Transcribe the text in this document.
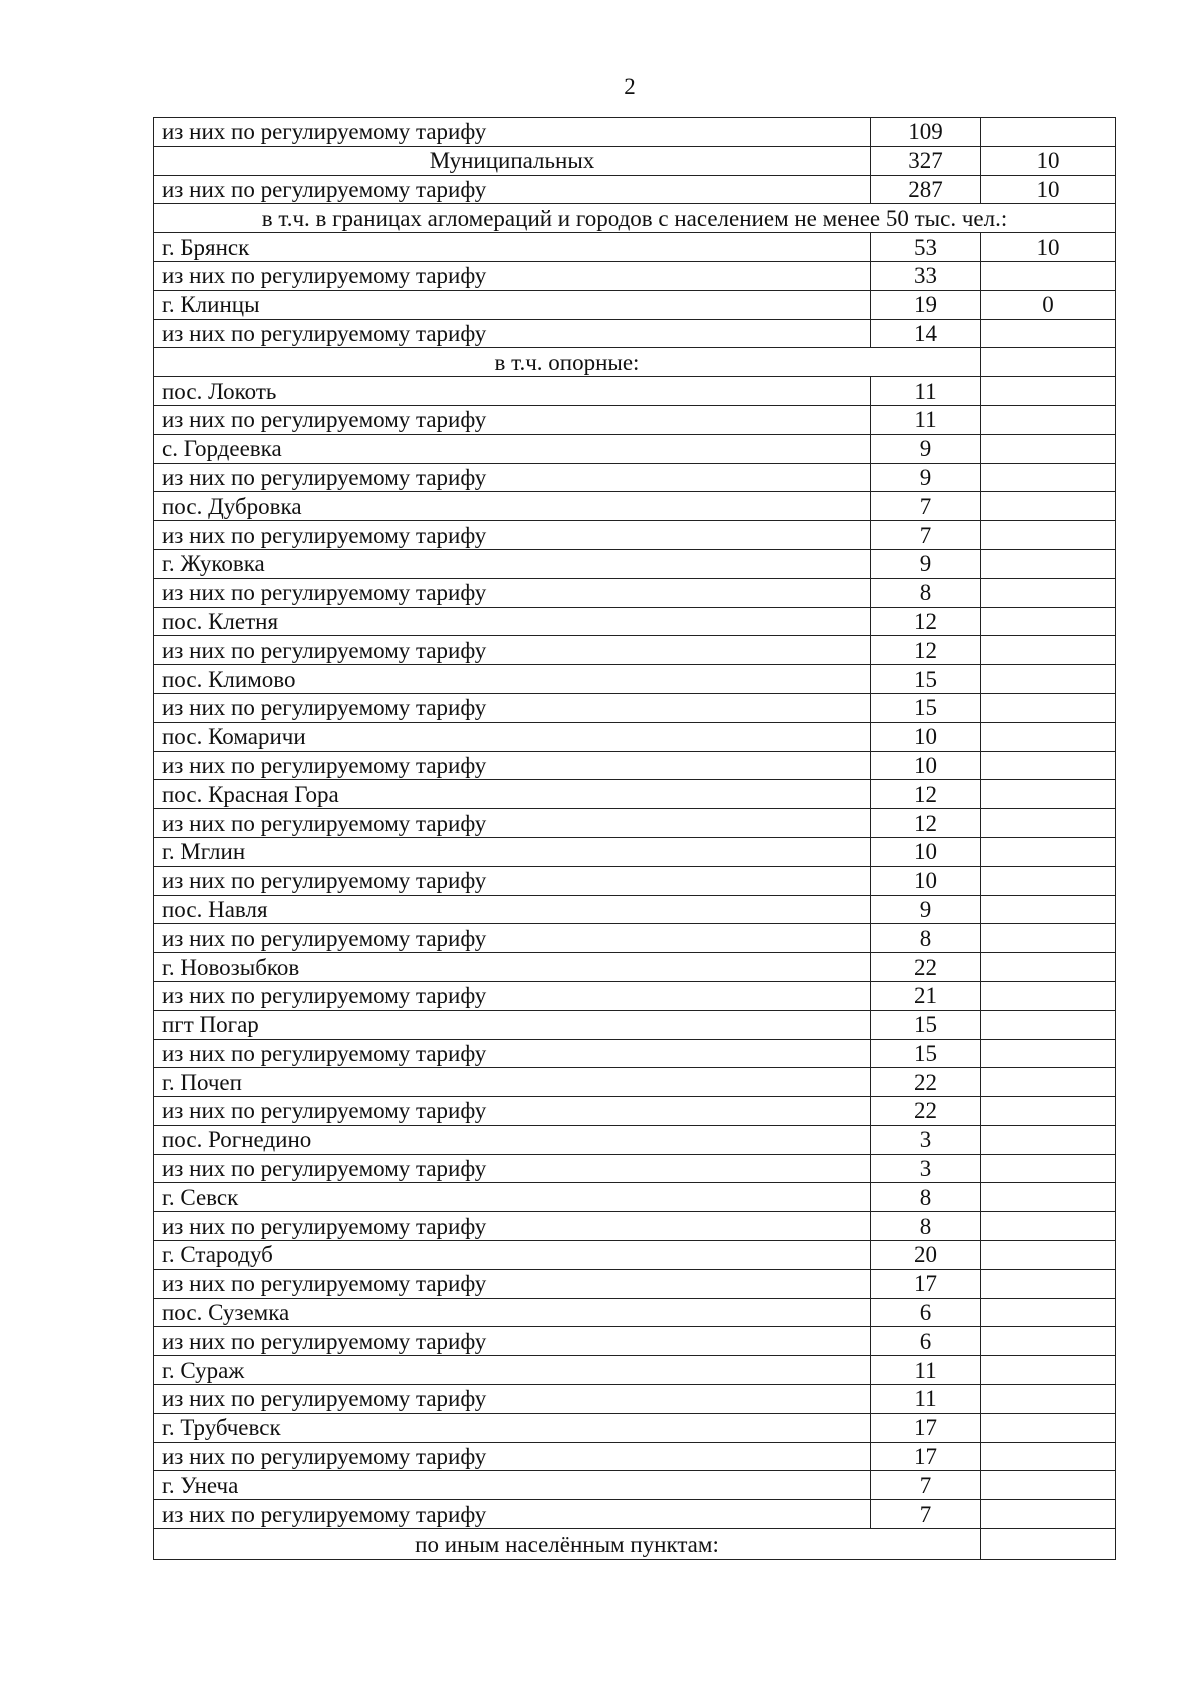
2
из них по регулируемому тарифу	109	
Муниципальных	327	10
из них по регулируемому тарифу	287	10
в т.ч. в границах агломераций и городов с населением не менее 50 тыс. чел.:		
г. Брянск	53	10
из них по регулируемому тарифу	33	
г. Клинцы	19	0
из них по регулируемому тарифу	14	
в т.ч. опорные:		
пос. Локоть	11	
из них по регулируемому тарифу	11	
с. Гордеевка	9	
из них по регулируемому тарифу	9	
пос. Дубровка	7	
из них по регулируемому тарифу	7	
г. Жуковка	9	
из них по регулируемому тарифу	8	
пос. Клетня	12	
из них по регулируемому тарифу	12	
пос. Климово	15	
из них по регулируемому тарифу	15	
пос. Комаричи	10	
из них по регулируемому тарифу	10	
пос. Красная Гора	12	
из них по регулируемому тарифу	12	
г. Мглин	10	
из них по регулируемому тарифу	10	
пос. Навля	9	
из них по регулируемому тарифу	8	
г. Новозыбков	22	
из них по регулируемому тарифу	21	
пгт Погар	15	
из них по регулируемому тарифу	15	
г. Почеп	22	
из них по регулируемому тарифу	22	
пос. Рогнедино	3	
из них по регулируемому тарифу	3	
г. Севск	8	
из них по регулируемому тарифу	8	
г. Стародуб	20	
из них по регулируемому тарифу	17	
пос. Суземка	6	
из них по регулируемому тарифу	6	
г. Сураж	11	
из них по регулируемому тарифу	11	
г. Трубчевск	17	
из них по регулируемому тарифу	17	
г. Унеча	7	
из них по регулируемому тарифу	7	
по иным населённым пунктам:		
